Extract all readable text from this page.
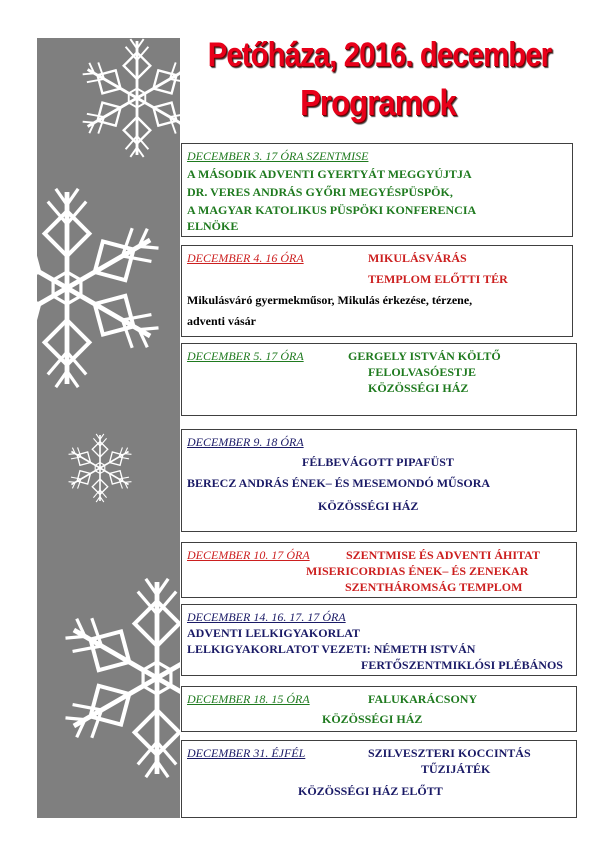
Petőháza, 2016. december
Programok
DECEMBER 3. 17 ÓRA SZENTMISE
A MÁSODIK ADVENTI GYERTYÁT MEGGYÚJTJA
DR. VERES ANDRÁS GYŐRI MEGYÉSPÜSPÖK,
A MAGYAR KATOLIKUS PÜSPÖKI KONFERENCIA
ELNÖKE
DECEMBER 4. 16 ÓRA	MIKULÁSVÁRÁS
TEMPLOM ELŐTTI TÉR
Mikulásváró gyermekműsor, Mikulás érkezése, térzene,
adventi vásár
DECEMBER 5. 17 ÓRA	GERGELY ISTVÁN KÖLTŐ
FELOLVASÓESTJE
KÖZÖSSÉGI HÁZ
DECEMBER 9. 18 ÓRA
FÉLBEVÁGOTT PIPAFÜST
BERECZ ANDRÁS ÉNEK– ÉS MESEMONDÓ MŰSORA
KÖZÖSSÉGI HÁZ
DECEMBER 10. 17 ÓRA	SZENTMISE ÉS ADVENTI ÁHITAT
MISERICORDIAS ÉNEK– ÉS ZENEKAR
SZENTHÁROMSÁG TEMPLOM
DECEMBER 14. 16. 17. 17 ÓRA
ADVENTI LELKIGYAKORLAT
LELKIGYAKORLATOT VEZETI: NÉMETH ISTVÁN
FERTŐSZENTMIKLÓSI PLÉBÁNOS
DECEMBER 18. 15 ÓRA	FALUKARÁCSONY
KÖZÖSSÉGI HÁZ
DECEMBER 31. ÉJFÉL	SZILVESZTERI KOCCINTÁS
TŰZIJÁTÉK
KÖZÖSSÉGI HÁZ ELŐTT
